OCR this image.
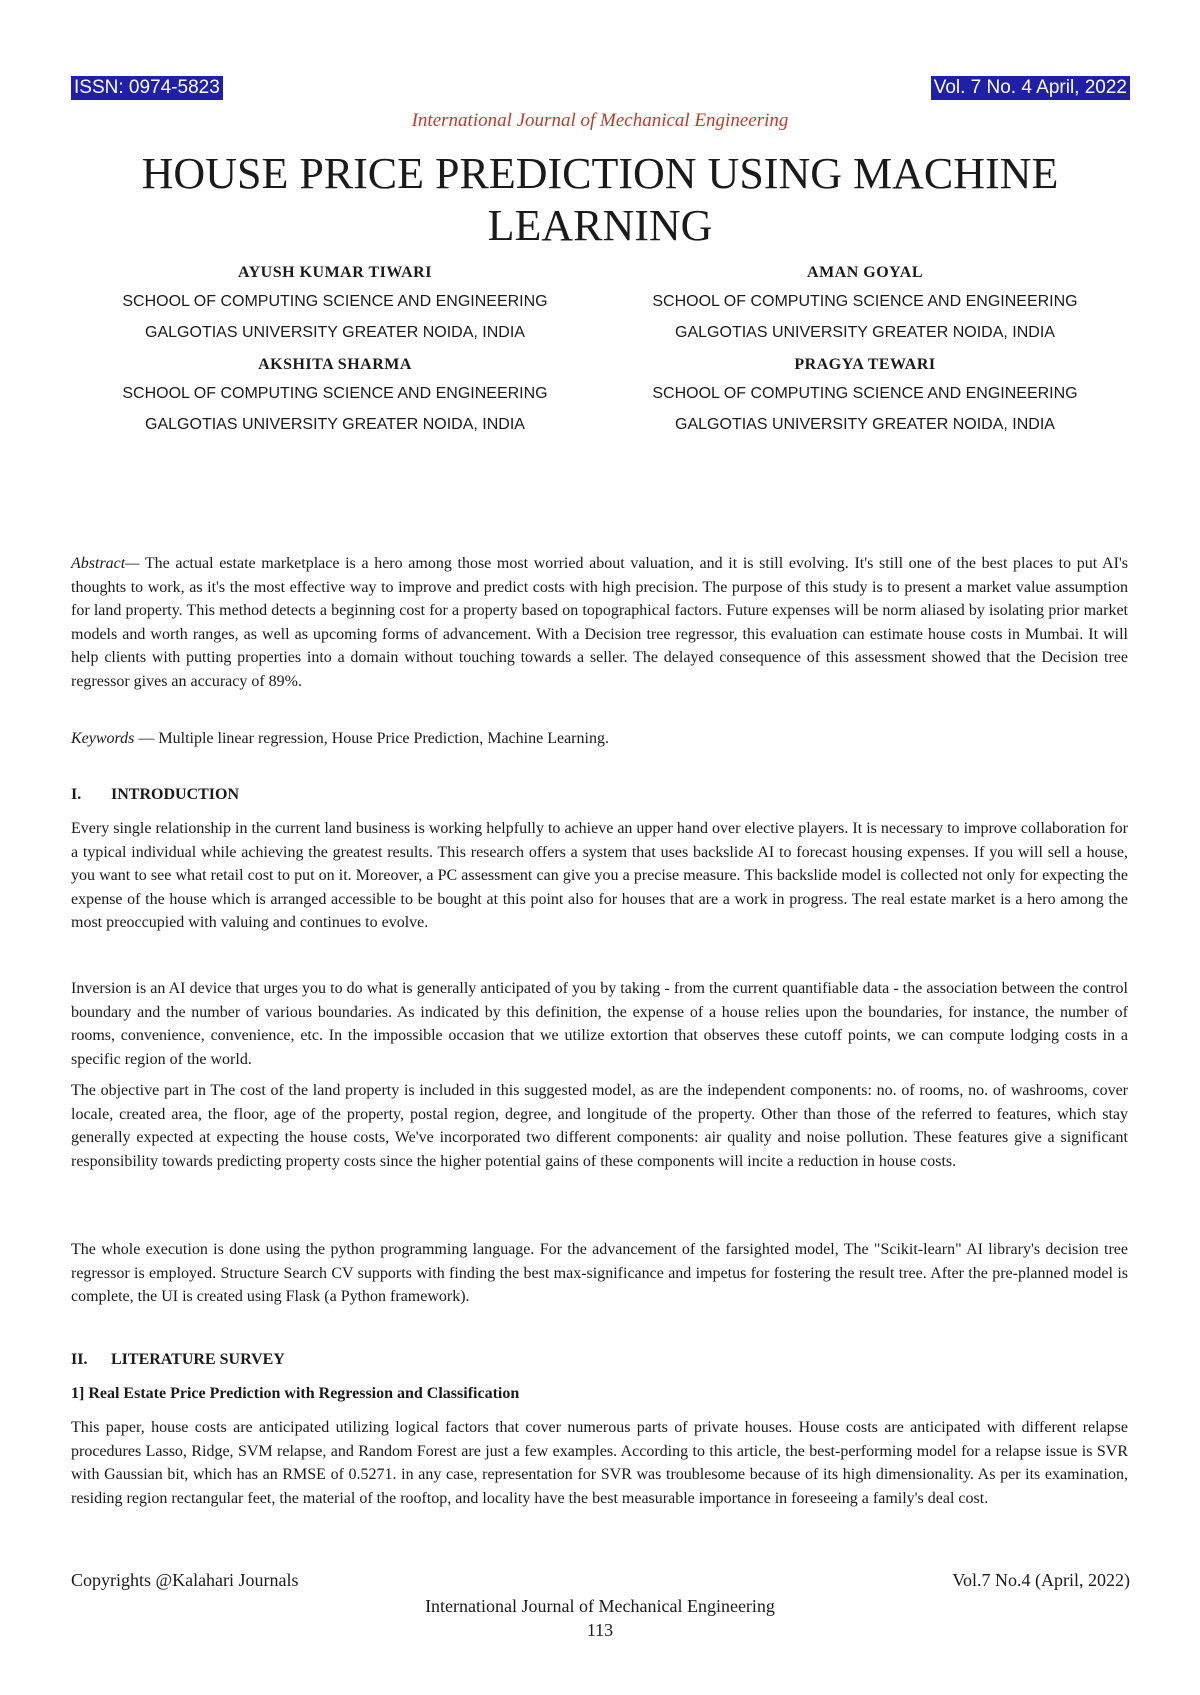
ISSN: 0974-5823	Vol. 7 No. 4 April, 2022
International Journal of Mechanical Engineering
HOUSE PRICE PREDICTION USING MACHINE LEARNING
AYUSH KUMAR TIWARI
SCHOOL OF COMPUTING SCIENCE AND ENGINEERING
GALGOTIAS UNIVERSITY GREATER NOIDA, INDIA
AMAN GOYAL
SCHOOL OF COMPUTING SCIENCE AND ENGINEERING
GALGOTIAS UNIVERSITY GREATER NOIDA, INDIA
AKSHITA SHARMA
SCHOOL OF COMPUTING SCIENCE AND ENGINEERING
GALGOTIAS UNIVERSITY GREATER NOIDA, INDIA
PRAGYA TEWARI
SCHOOL OF COMPUTING SCIENCE AND ENGINEERING
GALGOTIAS UNIVERSITY GREATER NOIDA, INDIA

Abstract— The actual estate marketplace is a hero among those most worried about valuation, and it is still evolving. It's still one of the best places to put AI's thoughts to work, as it's the most effective way to improve and predict costs with high precision. The purpose of this study is to present a market value assumption for land property. This method detects a beginning cost for a property based on topographical factors. Future expenses will be norm aliased by isolating prior market models and worth ranges, as well as upcoming forms of advancement. With a Decision tree regressor, this evaluation can estimate house costs in Mumbai. It will help clients with putting properties into a domain without touching towards a seller. The delayed consequence of this assessment showed that the Decision tree regressor gives an accuracy of 89%.

Keywords — Multiple linear regression, House Price Prediction, Machine Learning.

I. INTRODUCTION
Every single relationship in the current land business is working helpfully to achieve an upper hand over elective players. It is necessary to improve collaboration for a typical individual while achieving the greatest results. This research offers a system that uses backslide AI to forecast housing expenses. If you will sell a house, you want to see what retail cost to put on it. Moreover, a PC assessment can give you a precise measure. This backslide model is collected not only for expecting the expense of the house which is arranged accessible to be bought at this point also for houses that are a work in progress. The real estate market is a hero among the most preoccupied with valuing and continues to evolve.
Inversion is an AI device that urges you to do what is generally anticipated of you by taking - from the current quantifiable data - the association between the control boundary and the number of various boundaries. As indicated by this definition, the expense of a house relies upon the boundaries, for instance, the number of rooms, convenience, convenience, etc. In the impossible occasion that we utilize extortion that observes these cutoff points, we can compute lodging costs in a specific region of the world.
The objective part in The cost of the land property is included in this suggested model, as are the independent components: no. of rooms, no. of washrooms, cover locale, created area, the floor, age of the property, postal region, degree, and longitude of the property. Other than those of the referred to features, which stay generally expected at expecting the house costs, We've incorporated two different components: air quality and noise pollution. These features give a significant responsibility towards predicting property costs since the higher potential gains of these components will incite a reduction in house costs.
The whole execution is done using the python programming language. For the advancement of the farsighted model, The "Scikit-learn" AI library's decision tree regressor is employed. Structure Search CV supports with finding the best max-significance and impetus for fostering the result tree. After the pre-planned model is complete, the UI is created using Flask (a Python framework).
II. LITERATURE SURVEY
1] Real Estate Price Prediction with Regression and Classification
This paper, house costs are anticipated utilizing logical factors that cover numerous parts of private houses. House costs are anticipated with different relapse procedures Lasso, Ridge, SVM relapse, and Random Forest are just a few examples. According to this article, the best-performing model for a relapse issue is SVR with Gaussian bit, which has an RMSE of 0.5271. in any case, representation for SVR was troublesome because of its high dimensionality. As per its examination, residing region rectangular feet, the material of the rooftop, and locality have the best measurable importance in foreseeing a family's deal cost.
Copyrights @Kalahari Journals	Vol.7 No.4 (April, 2022)
International Journal of Mechanical Engineering
113
